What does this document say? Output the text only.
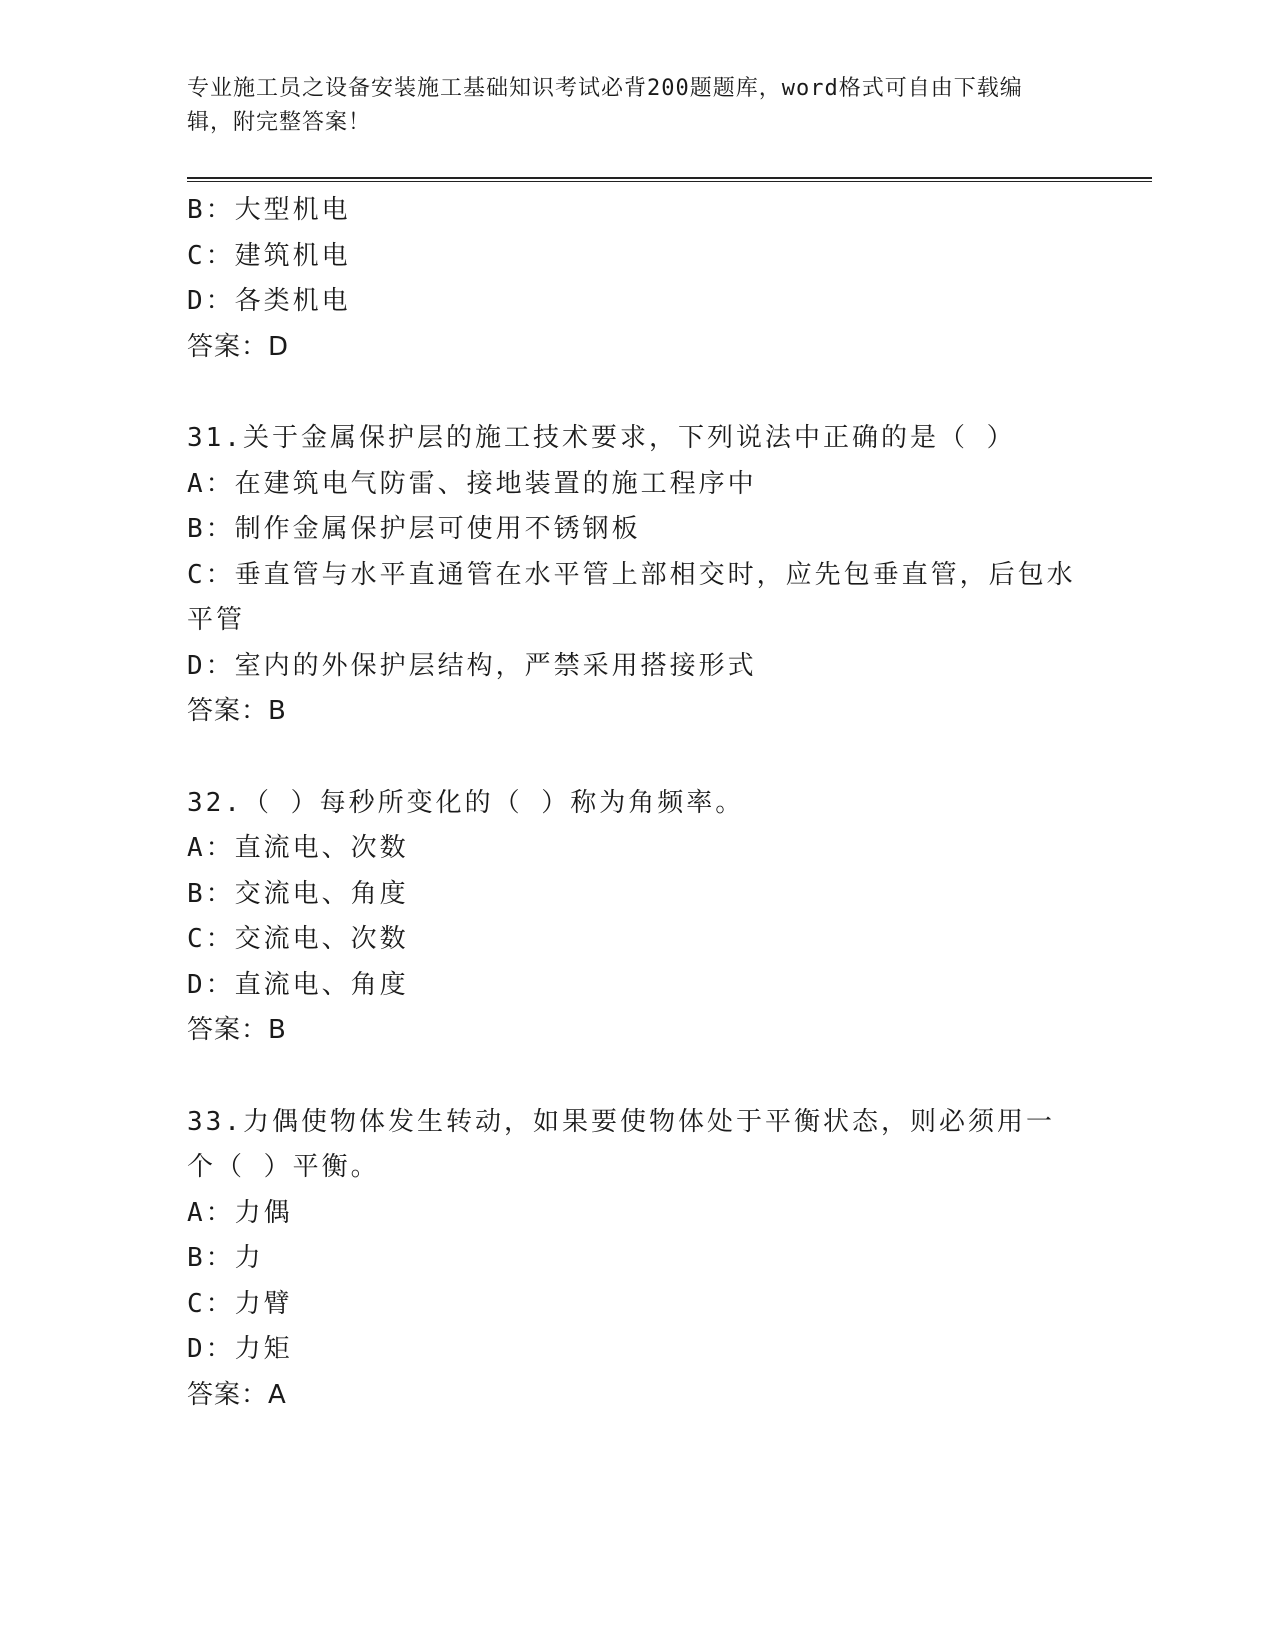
专业施工员之设备安装施工基础知识考试必背200题题库，word格式可自由下载编辑，附完整答案！
B：大型机电
C：建筑机电
D：各类机电
答案：D
31.关于金属保护层的施工技术要求，下列说法中正确的是（ ）
A：在建筑电气防雷、接地装置的施工程序中
B：制作金属保护层可使用不锈钢板
C：垂直管与水平直通管在水平管上部相交时，应先包垂直管，后包水平管
D：室内的外保护层结构，严禁采用搭接形式
答案：B
32.（ ）每秒所变化的（ ）称为角频率。
A：直流电、次数
B：交流电、角度
C：交流电、次数
D：直流电、角度
答案：B
33.力偶使物体发生转动，如果要使物体处于平衡状态，则必须用一个（ ）平衡。
A：力偶
B：力
C：力臂
D：力矩
答案：A
